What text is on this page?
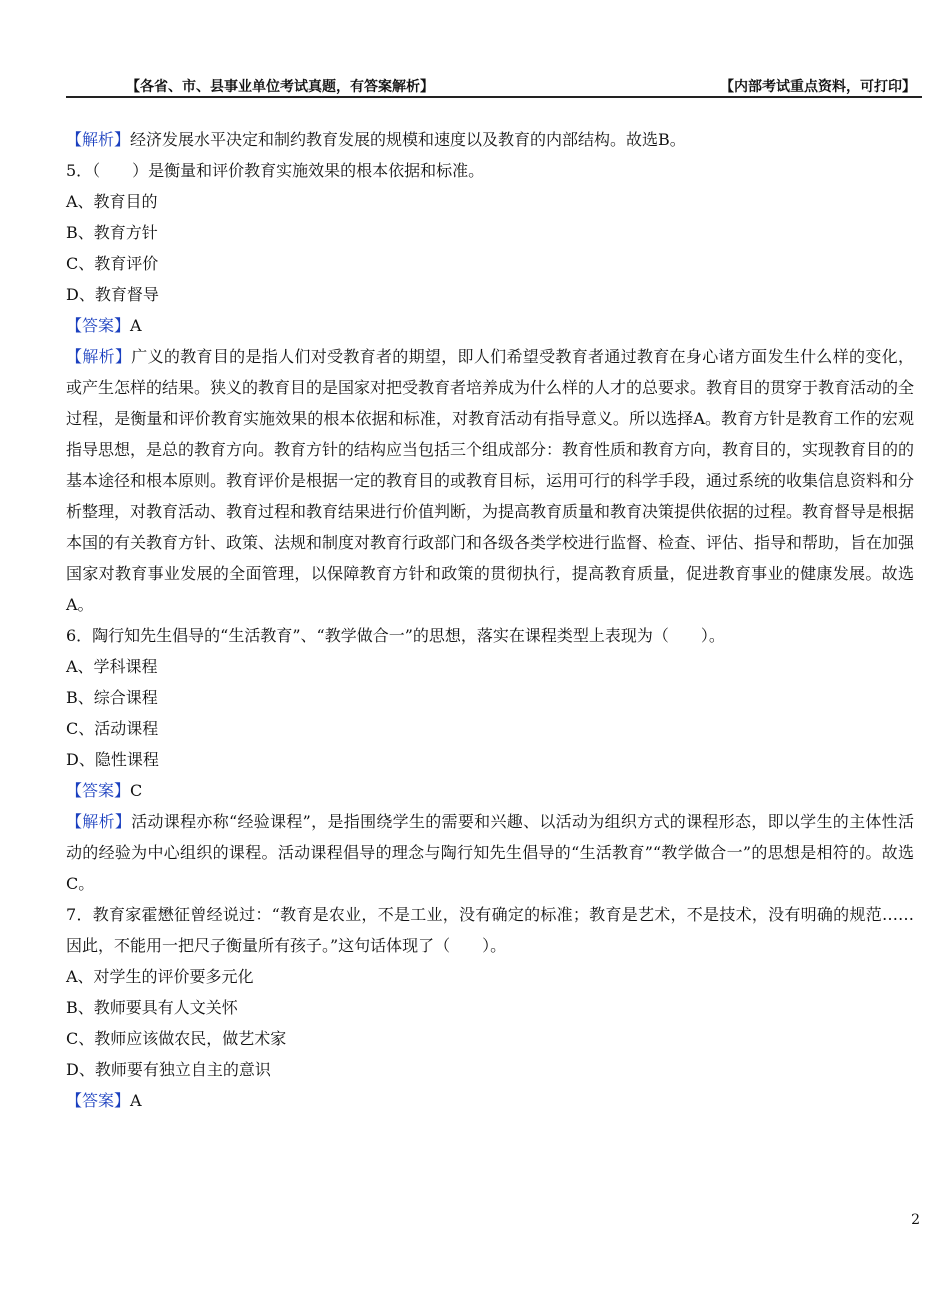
【各省、市、县事业单位考试真题，有答案解析】	【内部考试重点资料，可打印】
【解析】经济发展水平决定和制约教育发展的规模和速度以及教育的内部结构。故选B。
5．（　　）是衡量和评价教育实施效果的根本依据和标准。
A、教育目的
B、教育方针
C、教育评价
D、教育督导
【答案】A
【解析】广义的教育目的是指人们对受教育者的期望，即人们希望受教育者通过教育在身心诸方面发生什么样的变化，或产生怎样的结果。狭义的教育目的是国家对把受教育者培养成为什么样的人才的总要求。教育目的贯穿于教育活动的全过程，是衡量和评价教育实施效果的根本依据和标准，对教育活动有指导意义。所以选择A。教育方针是教育工作的宏观指导思想，是总的教育方向。教育方针的结构应当包括三个组成部分：教育性质和教育方向，教育目的，实现教育目的的基本途径和根本原则。教育评价是根据一定的教育目的或教育目标，运用可行的科学手段，通过系统的收集信息资料和分析整理，对教育活动、教育过程和教育结果进行价值判断，为提高教育质量和教育决策提供依据的过程。教育督导是根据本国的有关教育方针、政策、法规和制度对教育行政部门和各级各类学校进行监督、检查、评估、指导和帮助，旨在加强国家对教育事业发展的全面管理，以保障教育方针和政策的贯彻执行，提高教育质量，促进教育事业的健康发展。故选A。
6．陶行知先生倡导的“生活教育”、“教学做合一”的思想，落实在课程类型上表现为（　　）。
A、学科课程
B、综合课程
C、活动课程
D、隐性课程
【答案】C
【解析】活动课程亦称“经验课程”，是指围绕学生的需要和兴趣、以活动为组织方式的课程形态，即以学生的主体性活动的经验为中心组织的课程。活动课程倡导的理念与陶行知先生倡导的“生活教育”“教学做合一”的思想是相符的。故选C。
7．教育家霍懋征曾经说过：“教育是农业，不是工业，没有确定的标准；教育是艺术，不是技术，没有明确的规范……因此，不能用一把尺子衡量所有孩子。”这句话体现了（　　）。
A、对学生的评价要多元化
B、教师要具有人文关怀
C、教师应该做农民，做艺术家
D、教师要有独立自主的意识
【答案】A
2
